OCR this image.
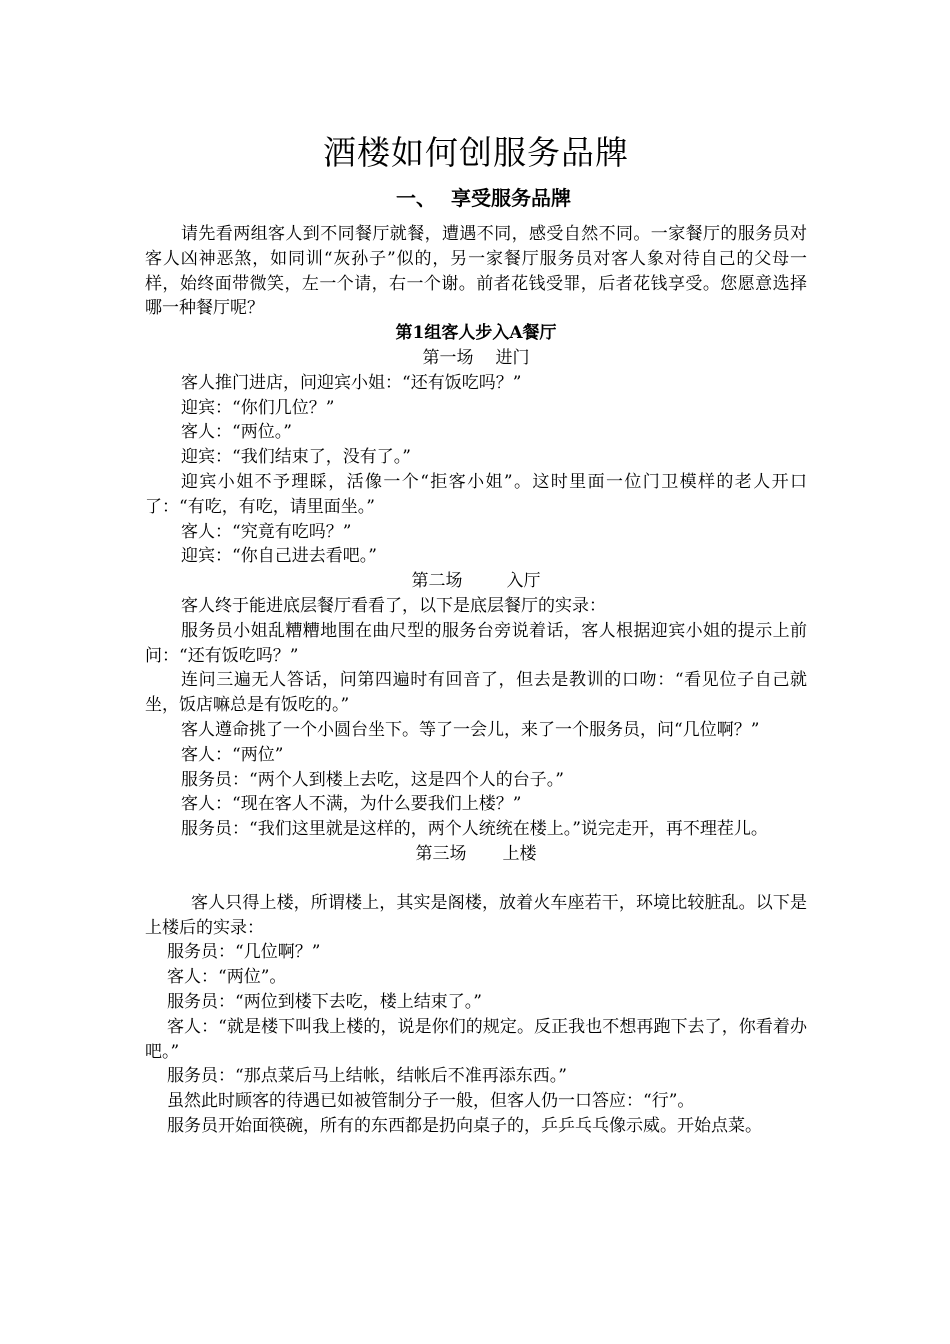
酒楼如何创服务品牌
一、 享受服务品牌

请先看两组客人到不同餐厅就餐，遭遇不同，感受自然不同。一家餐厅的服务员对客人凶神恶煞，如同训“灰孙子”似的，另一家餐厅服务员对客人象对待自己的父母一样，始终面带微笑，左一个请，右一个谢。前者花钱受罪，后者花钱享受。您愿意选择哪一种餐厅呢？

第1组客人步入A餐厅

第一场 进门

客人推门进店，问迎宾小姐：“还有饭吃吗？”

迎宾：“你们几位？”

客人：“两位。”

迎宾：“我们结束了，没有了。”

迎宾小姐不予理睬，活像一个“拒客小姐”。这时里面一位门卫模样的老人开口了：“有吃，有吃，请里面坐。”

客人：“究竟有吃吗？”

迎宾：“你自己进去看吧。”

第二场	入厅

客人终于能进底层餐厅看看了，以下是底层餐厅的实录：

服务员小姐乱糟糟地围在曲尺型的服务台旁说着话，客人根据迎宾小姐的提示上前问：“还有饭吃吗？”

连问三遍无人答话，问第四遍时有回音了，但去是教训的口吻：“看见位子自己就坐，饭店嘛总是有饭吃的。”

客人遵命挑了一个小圆台坐下。等了一会儿，来了一个服务员，问“几位啊？”

客人：“两位”

服务员：“两个人到楼上去吃，这是四个人的台子。”

客人：“现在客人不满，为什么要我们上楼？”

服务员：“我们这里就是这样的，两个人统统在楼上。”说完走开，再不理茬儿。

第三场 上楼

客人只得上楼，所谓楼上，其实是阁楼，放着火车座若干，环境比较脏乱。以下是上楼后的实录：

服务员：“几位啊？”

客人：“两位”。

服务员：“两位到楼下去吃，楼上结束了。”

客人：“就是楼下叫我上楼的，说是你们的规定。反正我也不想再跑下去了，你看着办吧。”

服务员：“那点菜后马上结帐，结帐后不准再添东西。”

虽然此时顾客的待遇已如被管制分子一般，但客人仍一口答应：“行”。

服务员开始面筷碗，所有的东西都是扔向桌子的，乒乒乓乓像示威。开始点菜。
